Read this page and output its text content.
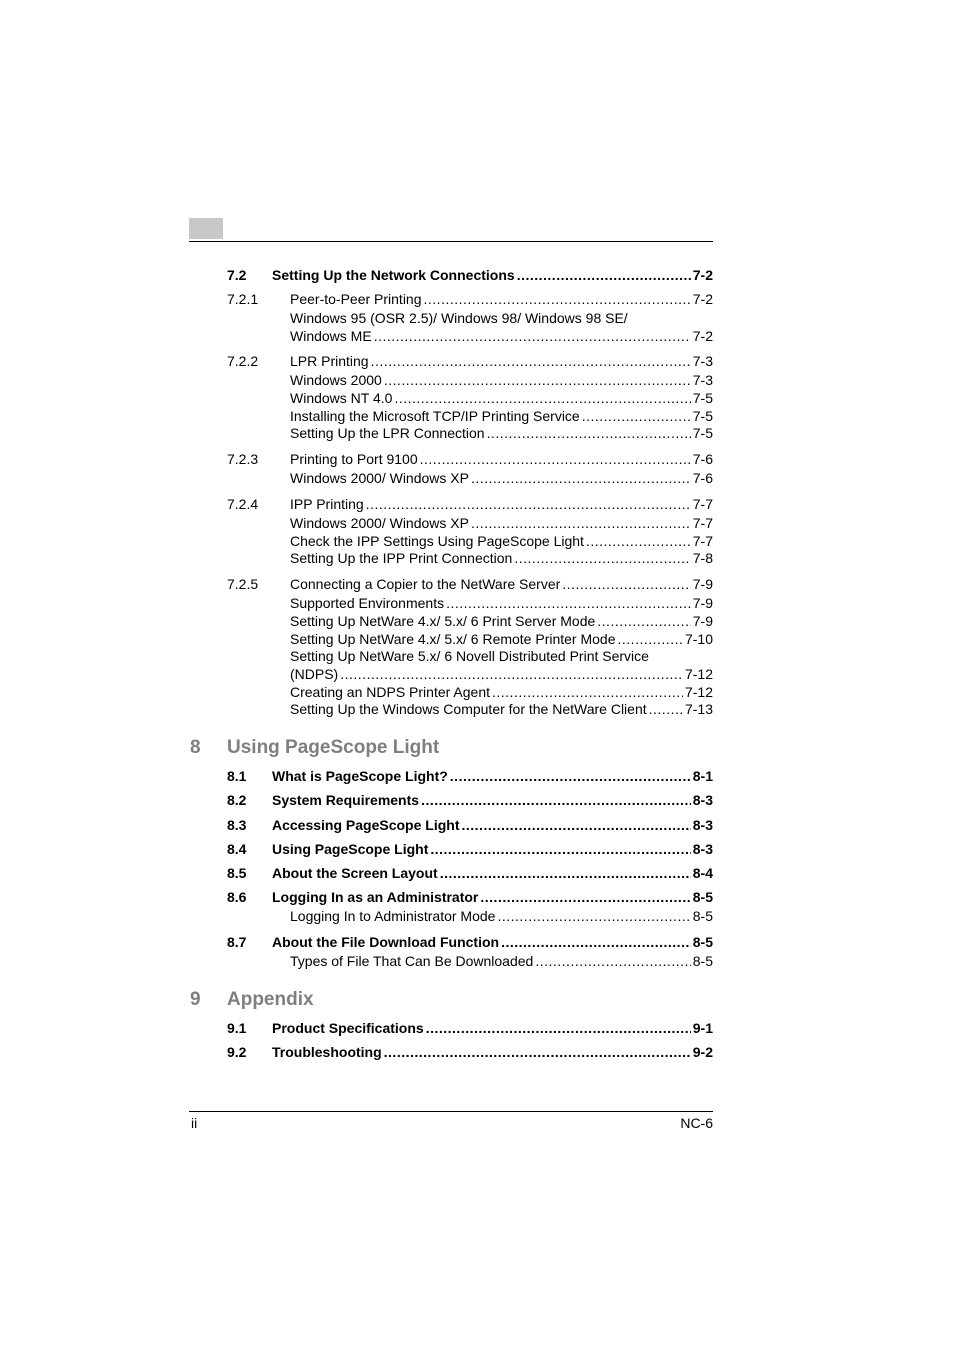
8 Using PageScope Light
9 Appendix
7.2 Setting Up the Network Connections .....	7-2
7.2.1 Peer-to-Peer Printing .....	7-2
Windows 95 (OSR 2.5)/ Windows 98/ Windows 98 SE/
Windows ME .....	7-2
7.2.2 LPR Printing .....	7-3
Windows 2000 .....	7-3
Windows NT 4.0 .....	7-5
Installing the Microsoft TCP/IP Printing Service .....	7-5
Setting Up the LPR Connection .....	7-5
7.2.3 Printing to Port 9100 .....	7-6
Windows 2000/ Windows XP .....	7-6
7.2.4 IPP Printing .....	7-7
Windows 2000/ Windows XP .....	7-7
Check the IPP Settings Using PageScope Light .....	7-7
Setting Up the IPP Print Connection .....	7-8
7.2.5 Connecting a Copier to the NetWare Server .....	7-9
Supported Environments .....	7-9
Setting Up NetWare 4.x/ 5.x/ 6 Print Server Mode .....	7-9
Setting Up NetWare 4.x/ 5.x/ 6 Remote Printer Mode .....	7-10
Setting Up NetWare 5.x/ 6 Novell Distributed Print Service
(NDPS) .....	7-12
Creating an NDPS Printer Agent .....	7-12
Setting Up the Windows Computer for the NetWare Client .....	7-13
8.1 What is PageScope Light? .....	8-1
8.2 System Requirements .....	8-3
8.3 Accessing PageScope Light .....	8-3
8.4 Using PageScope Light .....	8-3
8.5 About the Screen Layout .....	8-4
8.6 Logging In as an Administrator .....	8-5
Logging In to Administrator Mode .....	8-5
8.7 About the File Download Function .....	8-5
Types of File That Can Be Downloaded .....	8-5
9.1 Product Specifications .....	9-1
9.2 Troubleshooting .....	9-2
ii	NC-6
